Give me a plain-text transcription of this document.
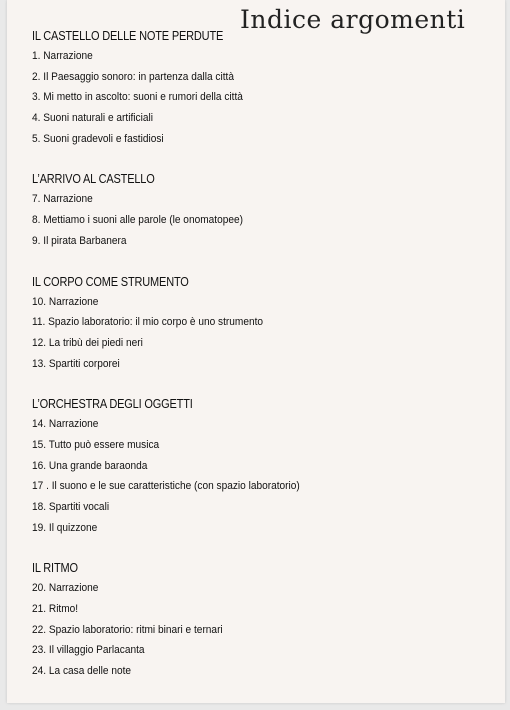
Indice argomenti
IL CASTELLO DELLE NOTE PERDUTE

1. Narrazione

2. Il Paesaggio sonoro: in partenza dalla città

3. Mi metto in ascolto: suoni e rumori della città

4. Suoni naturali e artificiali

5. Suoni gradevoli e fastidiosi

L’ARRIVO AL CASTELLO

7. Narrazione

8. Mettiamo i suoni alle parole (le onomatopee)

9. Il pirata Barbanera

IL CORPO COME STRUMENTO

10. Narrazione

11. Spazio laboratorio: il mio corpo è uno strumento

12. La tribù dei piedi neri

13. Spartiti corporei

L’ORCHESTRA DEGLI OGGETTI

14. Narrazione

15. Tutto può essere musica

16. Una grande baraonda

17 . Il suono e le sue caratteristiche (con spazio laboratorio)

18. Spartiti vocali

19. Il quizzone

IL RITMO

20. Narrazione

21. Ritmo!

22. Spazio laboratorio: ritmi binari e ternari

23. Il villaggio Parlacanta

24. La casa delle note
